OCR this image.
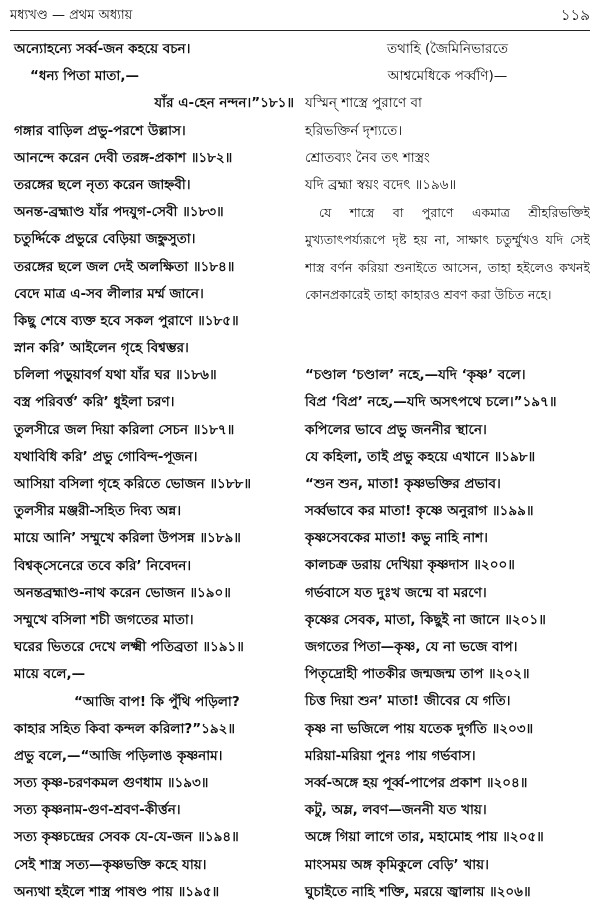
মধ্যখণ্ড — প্রথম অধ্যায়	১১৯
অন্যোহন্যে সর্ব্ব-জন কহয়ে বচন।
“ধন্য পিতা মাতা,—
যাঁর এ-হেন নন্দন।”১৮১॥
গঙ্গার বাড়িল প্রভু-পরশে উল্লাস।
আনন্দে করেন দেবী তরঙ্গ-প্রকাশ ॥১৮২॥
তরঙ্গের ছলে নৃত্য করেন জাহ্নবী।
অনন্ত-ব্রহ্মাণ্ড যাঁর পদযুগ-সেবী ॥১৮৩॥
চতুর্দ্দিকে প্রভুরে বেড়িয়া জহ্নুসুতা।
তরঙ্গের ছলে জল দেই অলক্ষিতা ॥১৮৪॥
বেদে মাত্র এ-সব লীলার মর্ম্ম জানে।
কিছু শেষে ব্যক্ত হবে সকল পুরাণে ॥১৮৫॥
স্নান করি’ আইলেন গৃহে বিশ্বম্ভর।
চলিলা পড়ুয়াবর্গ যথা যাঁর ঘর ॥১৮৬॥
বস্ত্র পরিবর্ত্ত’ করি’ ধুইলা চরণ।
তুলসীরে জল দিয়া করিলা সেচন ॥১৮৭॥
যথাবিধি করি’ প্রভু গোবিন্দ-পূজন।
আসিয়া বসিলা গৃহে করিতে ভোজন ॥১৮৮॥
তুলসীর মঞ্জরী-সহিত দিব্য অন্ন।
মায়ে আনি’ সম্মুখে করিলা উপসন্ন ॥১৮৯॥
বিশ্বক্‌সেনেরে তবে করি’ নিবেদন।
অনন্তব্রহ্মাণ্ড-নাথ করেন ভোজন ॥১৯০॥
সম্মুখে বসিলা শচী জগতের মাতা।
ঘরের ভিতরে দেখে লক্ষ্মী পতিব্রতা ॥১৯১॥
মায়ে বলে,—
“আজি বাপ! কি পুঁথি পড়িলা?
কাহার সহিত কিবা কন্দল করিলা?”১৯২॥
প্রভু বলে,—“আজি পড়িলাঙ কৃষ্ণনাম।
সত্য কৃষ্ণ-চরণকমল গুণধাম ॥১৯৩॥
সত্য কৃষ্ণনাম-গুণ-শ্রবণ-কীর্ত্তন।
সত্য কৃষ্ণচন্দ্রের সেবক যে-যে-জন ॥১৯৪॥
সেই শাস্ত্র সত্য—কৃষ্ণভক্তি কহে যায়।
অন্যথা হইলে শাস্ত্র পাষণ্ড পায় ॥১৯৫॥
তথাহি (জৈমিনিভারতে
আশ্বমেধিকে পর্ব্বণি)—
যস্মিন্ শাস্ত্রে পুরাণে বা
হরিভক্তির্ন দৃশ্যতে।
শ্রোতব্যং নৈব তৎ শাস্ত্রং
যদি ব্রহ্মা স্বয়ং বদেৎ ॥১৯৬॥

যে শাস্ত্রে বা পুরাণে একমাত্র শ্রীহরিভক্তিই মুখ্যতাৎপর্য্যরূপে দৃষ্ট হয় না, সাক্ষাৎ চতুর্ম্মুখও যদি সেই শাস্ত্র বর্ণন করিয়া শুনাইতে আসেন, তাহা হইলেও কখনই কোনপ্রকারেই তাহা কাহারও শ্রবণ করা উচিত নহে।

“চণ্ডাল ‘চণ্ডাল’ নহে,—যদি ‘কৃষ্ণ’ বলে।
বিপ্র ‘বিপ্র’ নহে,—যদি অসৎপথে চলে।”১৯৭॥
কপিলের ভাবে প্রভু জননীর স্থানে।
যে কহিলা, তাই প্রভু কহয়ে এখানে ॥১৯৮॥
“শুন শুন, মাতা! কৃষ্ণভক্তির প্রভাব।
সর্ব্বভাবে কর মাতা! কৃষ্ণে অনুরাগ ॥১৯৯॥
কৃষ্ণসেবকের মাতা! কভু নাহি নাশ।
কালচক্র ডরায় দেখিয়া কৃষ্ণদাস ॥২০০॥
গর্ভবাসে যত দুঃখ জন্মে বা মরণে।
কৃষ্ণের সেবক, মাতা, কিছুই না জানে ॥২০১॥
জগতের পিতা—কৃষ্ণ, যে না ভজে বাপ।
পিতৃদ্রোহী পাতকীর জন্মজন্ম তাপ ॥২০২॥
চিত্ত দিয়া শুন’ মাতা! জীবের যে গতি।
কৃষ্ণ না ভজিলে পায় যতেক দুর্গতি ॥২০৩॥
মরিয়া-মরিয়া পুনঃ পায় গর্ভবাস।
সর্ব্ব-অঙ্গে হয় পূর্ব্ব-পাপের প্রকাশ ॥২০৪॥
কটু, অম্ল, লবণ—জননী যত খায়।
অঙ্গে গিয়া লাগে তার, মহামোহ পায় ॥২০৫॥
মাংসময় অঙ্গ কৃমিকুলে বেড়ি’ খায়।
ঘুচাইতে নাহি শক্তি, মরয়ে জ্বালায় ॥২০৬॥
